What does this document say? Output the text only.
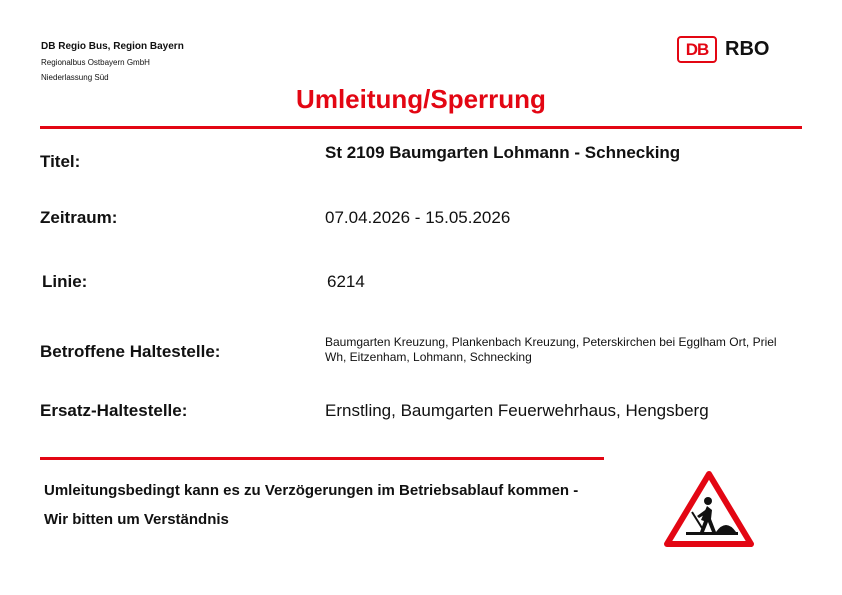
DB Regio Bus, Region Bayern
Regionalbus Ostbayern GmbH
Niederlassung Süd
DB RBO
Umleitung/Sperrung
Titel:	St 2109 Baumgarten Lohmann - Schnecking
Zeitraum:	07.04.2026 - 15.05.2026
Linie:	6214
Betroffene Haltestelle:	Baumgarten Kreuzung, Plankenbach Kreuzung, Peterskirchen bei Egglham Ort, Priel Wh, Eitzenham, Lohmann, Schnecking
Ersatz-Haltestelle:	Ernstling, Baumgarten Feuerwehrhaus, Hengsberg
Umleitungsbedingt kann es zu Verzögerungen im Betriebsablauf kommen -
Wir bitten um Verständnis
